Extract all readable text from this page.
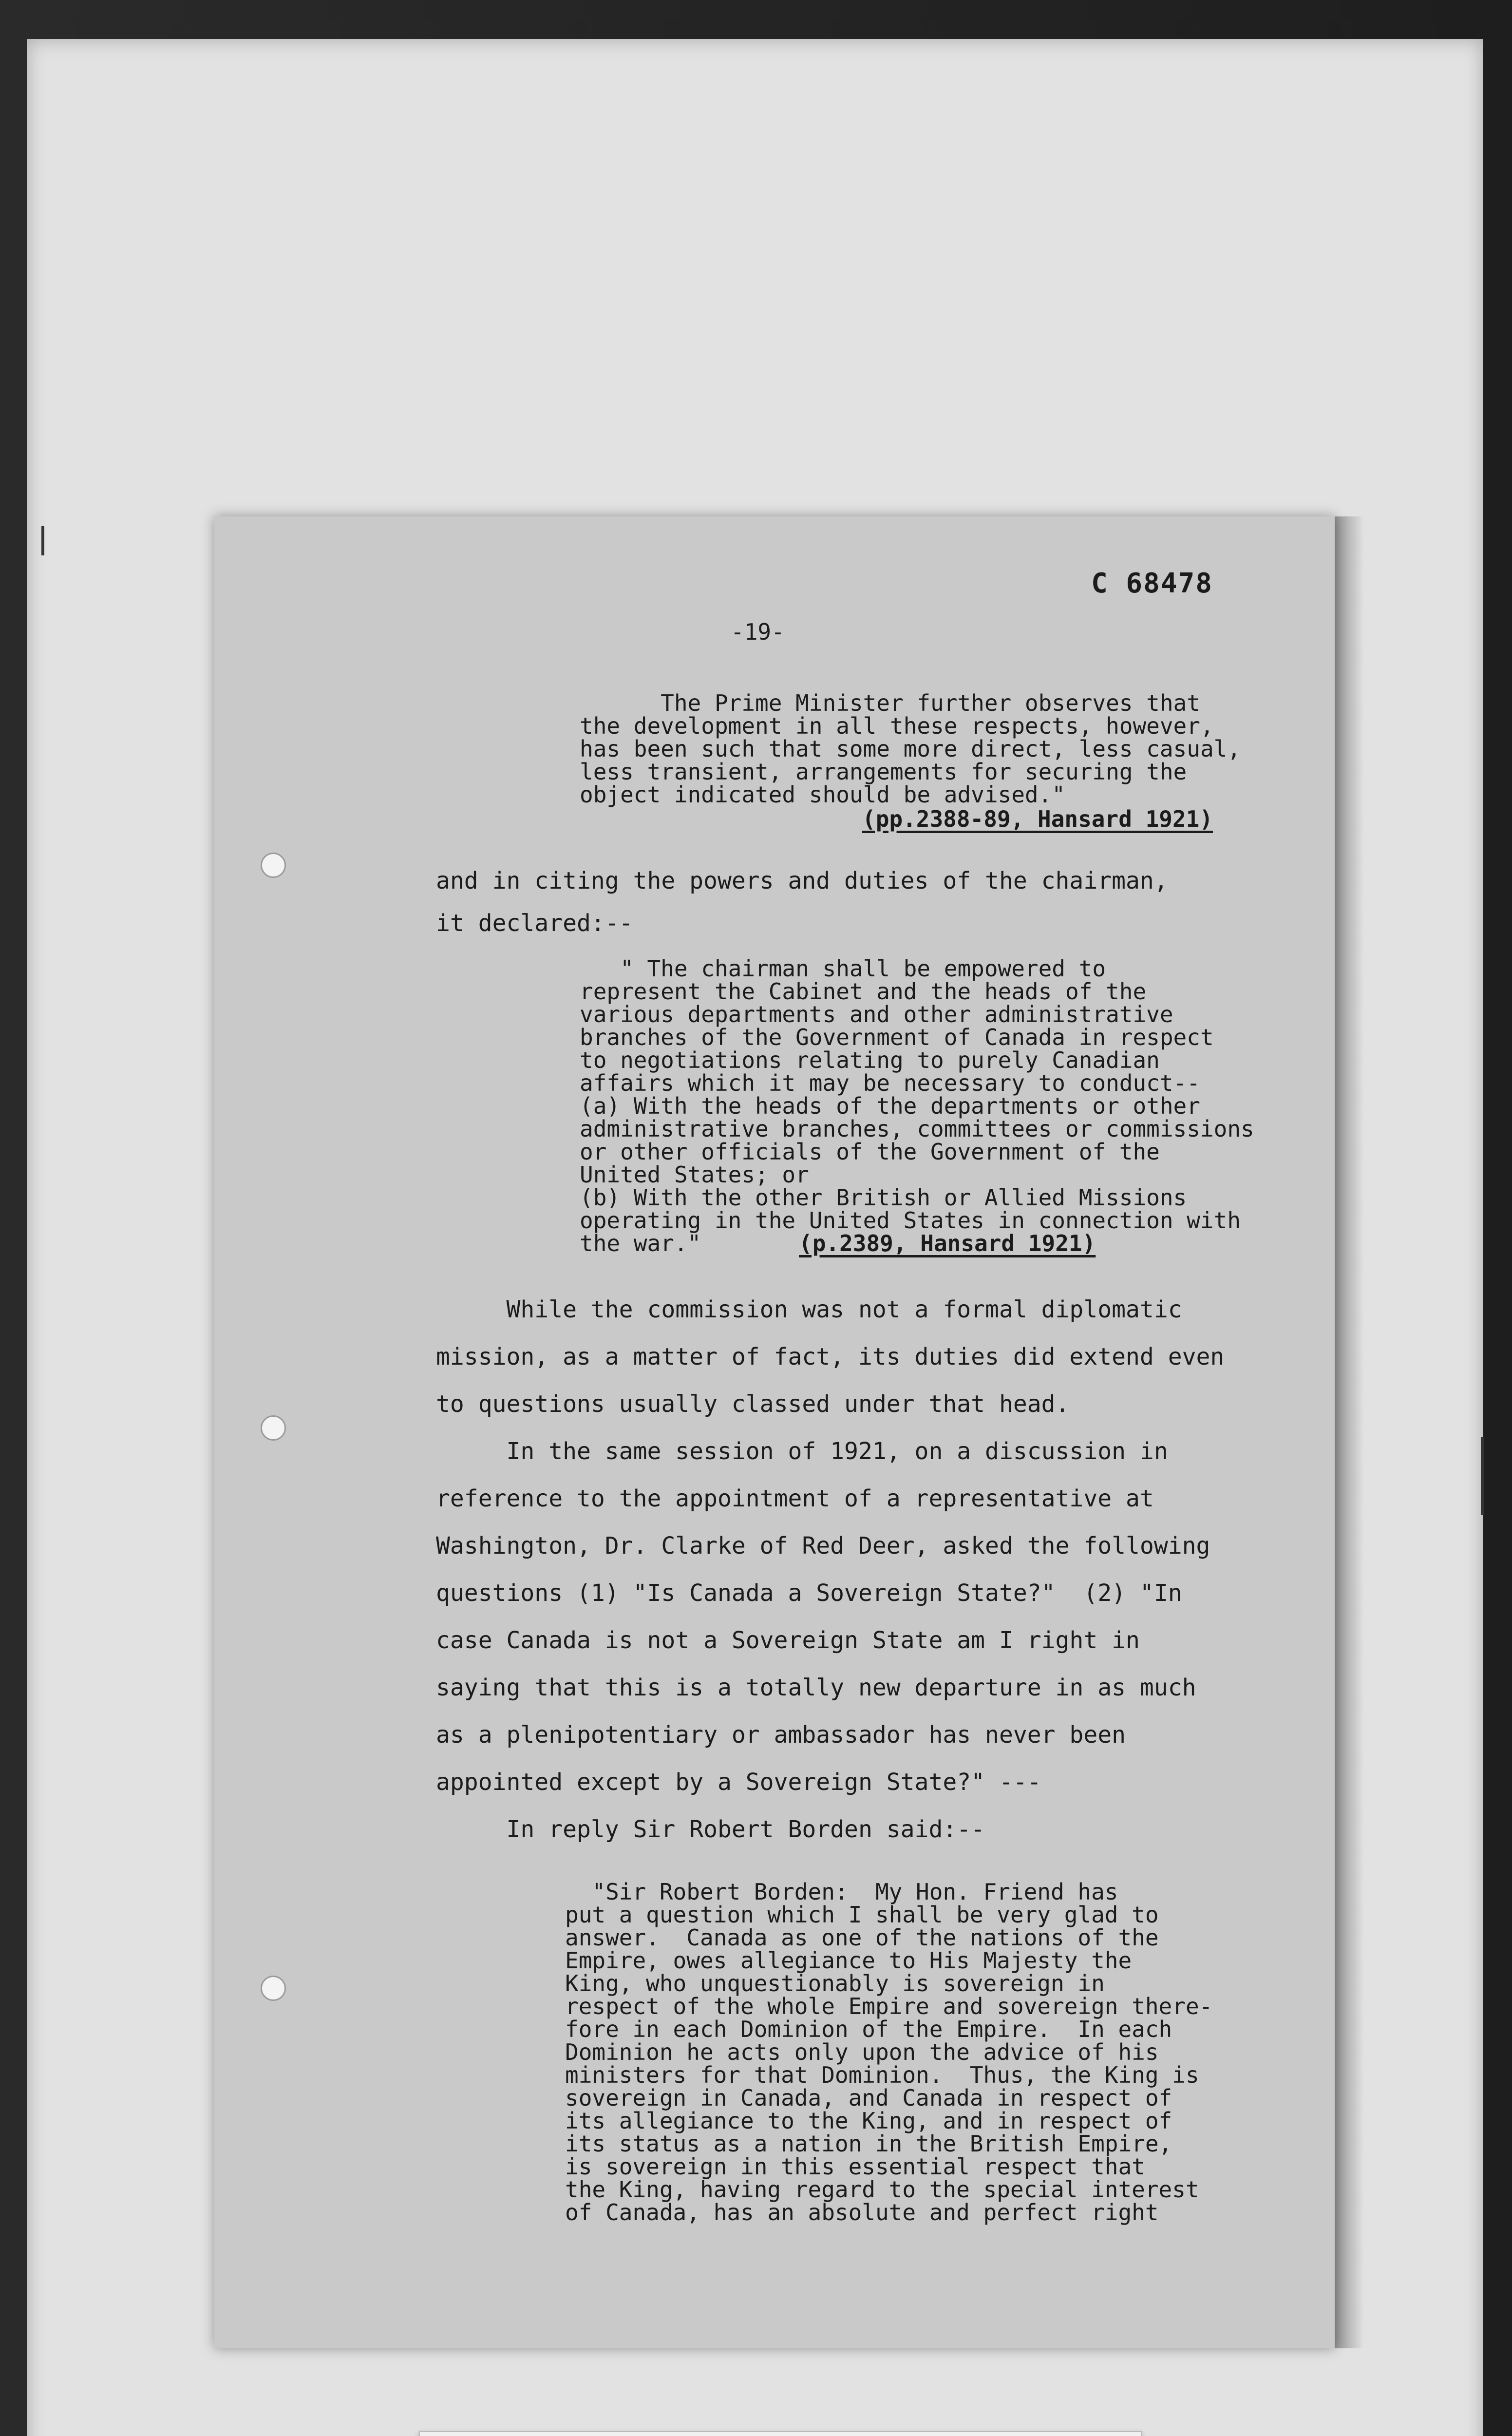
C 68478

-19-

The Prime Minister further observes that

the development in all these respects, however,

has been such that some more direct, less casual,

less transient, arrangements for securing the

object indicated should be advised."

(pp.2388-89, Hansard 1921)

and in citing the powers and duties of the chairman,

it declared:--

" The chairman shall be empowered to

represent the Cabinet and the heads of the

various departments and other administrative

branches of the Government of Canada in respect

to negotiations relating to purely Canadian

affairs which it may be necessary to conduct--

(a) With the heads of the departments or other

administrative branches, committees or commissions

or other officials of the Government of the

United States; or

(b) With the other British or Allied Missions

operating in the United States in connection with

the war."	(p.2389, Hansard 1921)

While the commission was not a formal diplomatic

mission, as a matter of fact, its duties did extend even

to questions usually classed under that head.

In the same session of 1921, on a discussion in

reference to the appointment of a representative at

Washington, Dr. Clarke of Red Deer, asked the following

questions (1) "Is Canada a Sovereign State?"  (2) "In

case Canada is not a Sovereign State am I right in

saying that this is a totally new departure in as much

as a plenipotentiary or ambassador has never been

appointed except by a Sovereign State?" ---

In reply Sir Robert Borden said:--

"Sir Robert Borden:  My Hon. Friend has

put a question which I shall be very glad to

answer.  Canada as one of the nations of the

Empire, owes allegiance to His Majesty the

King, who unquestionably is sovereign in

respect of the whole Empire and sovereign there-

fore in each Dominion of the Empire.  In each

Dominion he acts only upon the advice of his

ministers for that Dominion.  Thus, the King is

sovereign in Canada, and Canada in respect of

its allegiance to the King, and in respect of

its status as a nation in the British Empire,

is sovereign in this essential respect that

the King, having regard to the special interest

of Canada, has an absolute and perfect right
